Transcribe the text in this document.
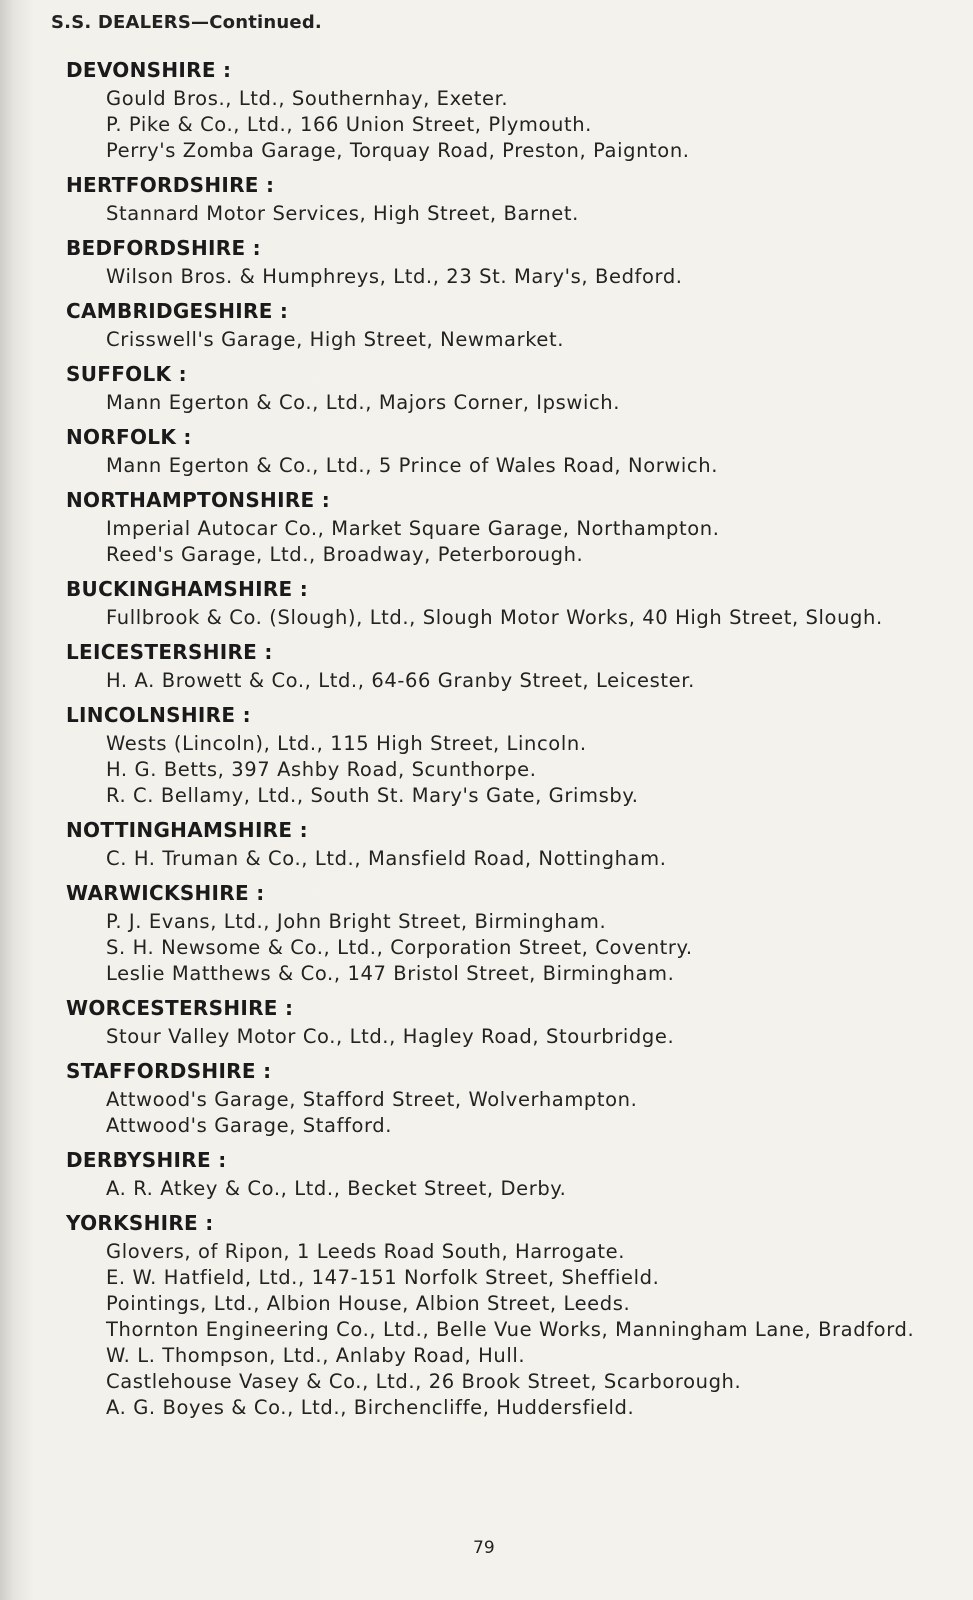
S.S. DEALERS—Continued.
DEVONSHIRE :
Gould Bros., Ltd., Southernhay, Exeter.
P. Pike & Co., Ltd., 166 Union Street, Plymouth.
Perry's Zomba Garage, Torquay Road, Preston, Paignton.
HERTFORDSHIRE :
Stannard Motor Services, High Street, Barnet.
BEDFORDSHIRE :
Wilson Bros. & Humphreys, Ltd., 23 St. Mary's, Bedford.
CAMBRIDGESHIRE :
Crisswell's Garage, High Street, Newmarket.
SUFFOLK :
Mann Egerton & Co., Ltd., Majors Corner, Ipswich.
NORFOLK :
Mann Egerton & Co., Ltd., 5 Prince of Wales Road, Norwich.
NORTHAMPTONSHIRE :
Imperial Autocar Co., Market Square Garage, Northampton.
Reed's Garage, Ltd., Broadway, Peterborough.
BUCKINGHAMSHIRE :
Fullbrook & Co. (Slough), Ltd., Slough Motor Works, 40 High Street, Slough.
LEICESTERSHIRE :
H. A. Browett & Co., Ltd., 64-66 Granby Street, Leicester.
LINCOLNSHIRE :
Wests (Lincoln), Ltd., 115 High Street, Lincoln.
H. G. Betts, 397 Ashby Road, Scunthorpe.
R. C. Bellamy, Ltd., South St. Mary's Gate, Grimsby.
NOTTINGHAMSHIRE :
C. H. Truman & Co., Ltd., Mansfield Road, Nottingham.
WARWICKSHIRE :
P. J. Evans, Ltd., John Bright Street, Birmingham.
S. H. Newsome & Co., Ltd., Corporation Street, Coventry.
Leslie Matthews & Co., 147 Bristol Street, Birmingham.
WORCESTERSHIRE :
Stour Valley Motor Co., Ltd., Hagley Road, Stourbridge.
STAFFORDSHIRE :
Attwood's Garage, Stafford Street, Wolverhampton.
Attwood's Garage, Stafford.
DERBYSHIRE :
A. R. Atkey & Co., Ltd., Becket Street, Derby.
YORKSHIRE :
Glovers, of Ripon, 1 Leeds Road South, Harrogate.
E. W. Hatfield, Ltd., 147-151 Norfolk Street, Sheffield.
Pointings, Ltd., Albion House, Albion Street, Leeds.
Thornton Engineering Co., Ltd., Belle Vue Works, Manningham Lane, Bradford.
W. L. Thompson, Ltd., Anlaby Road, Hull.
Castlehouse Vasey & Co., Ltd., 26 Brook Street, Scarborough.
A. G. Boyes & Co., Ltd., Birchencliffe, Huddersfield.
79
